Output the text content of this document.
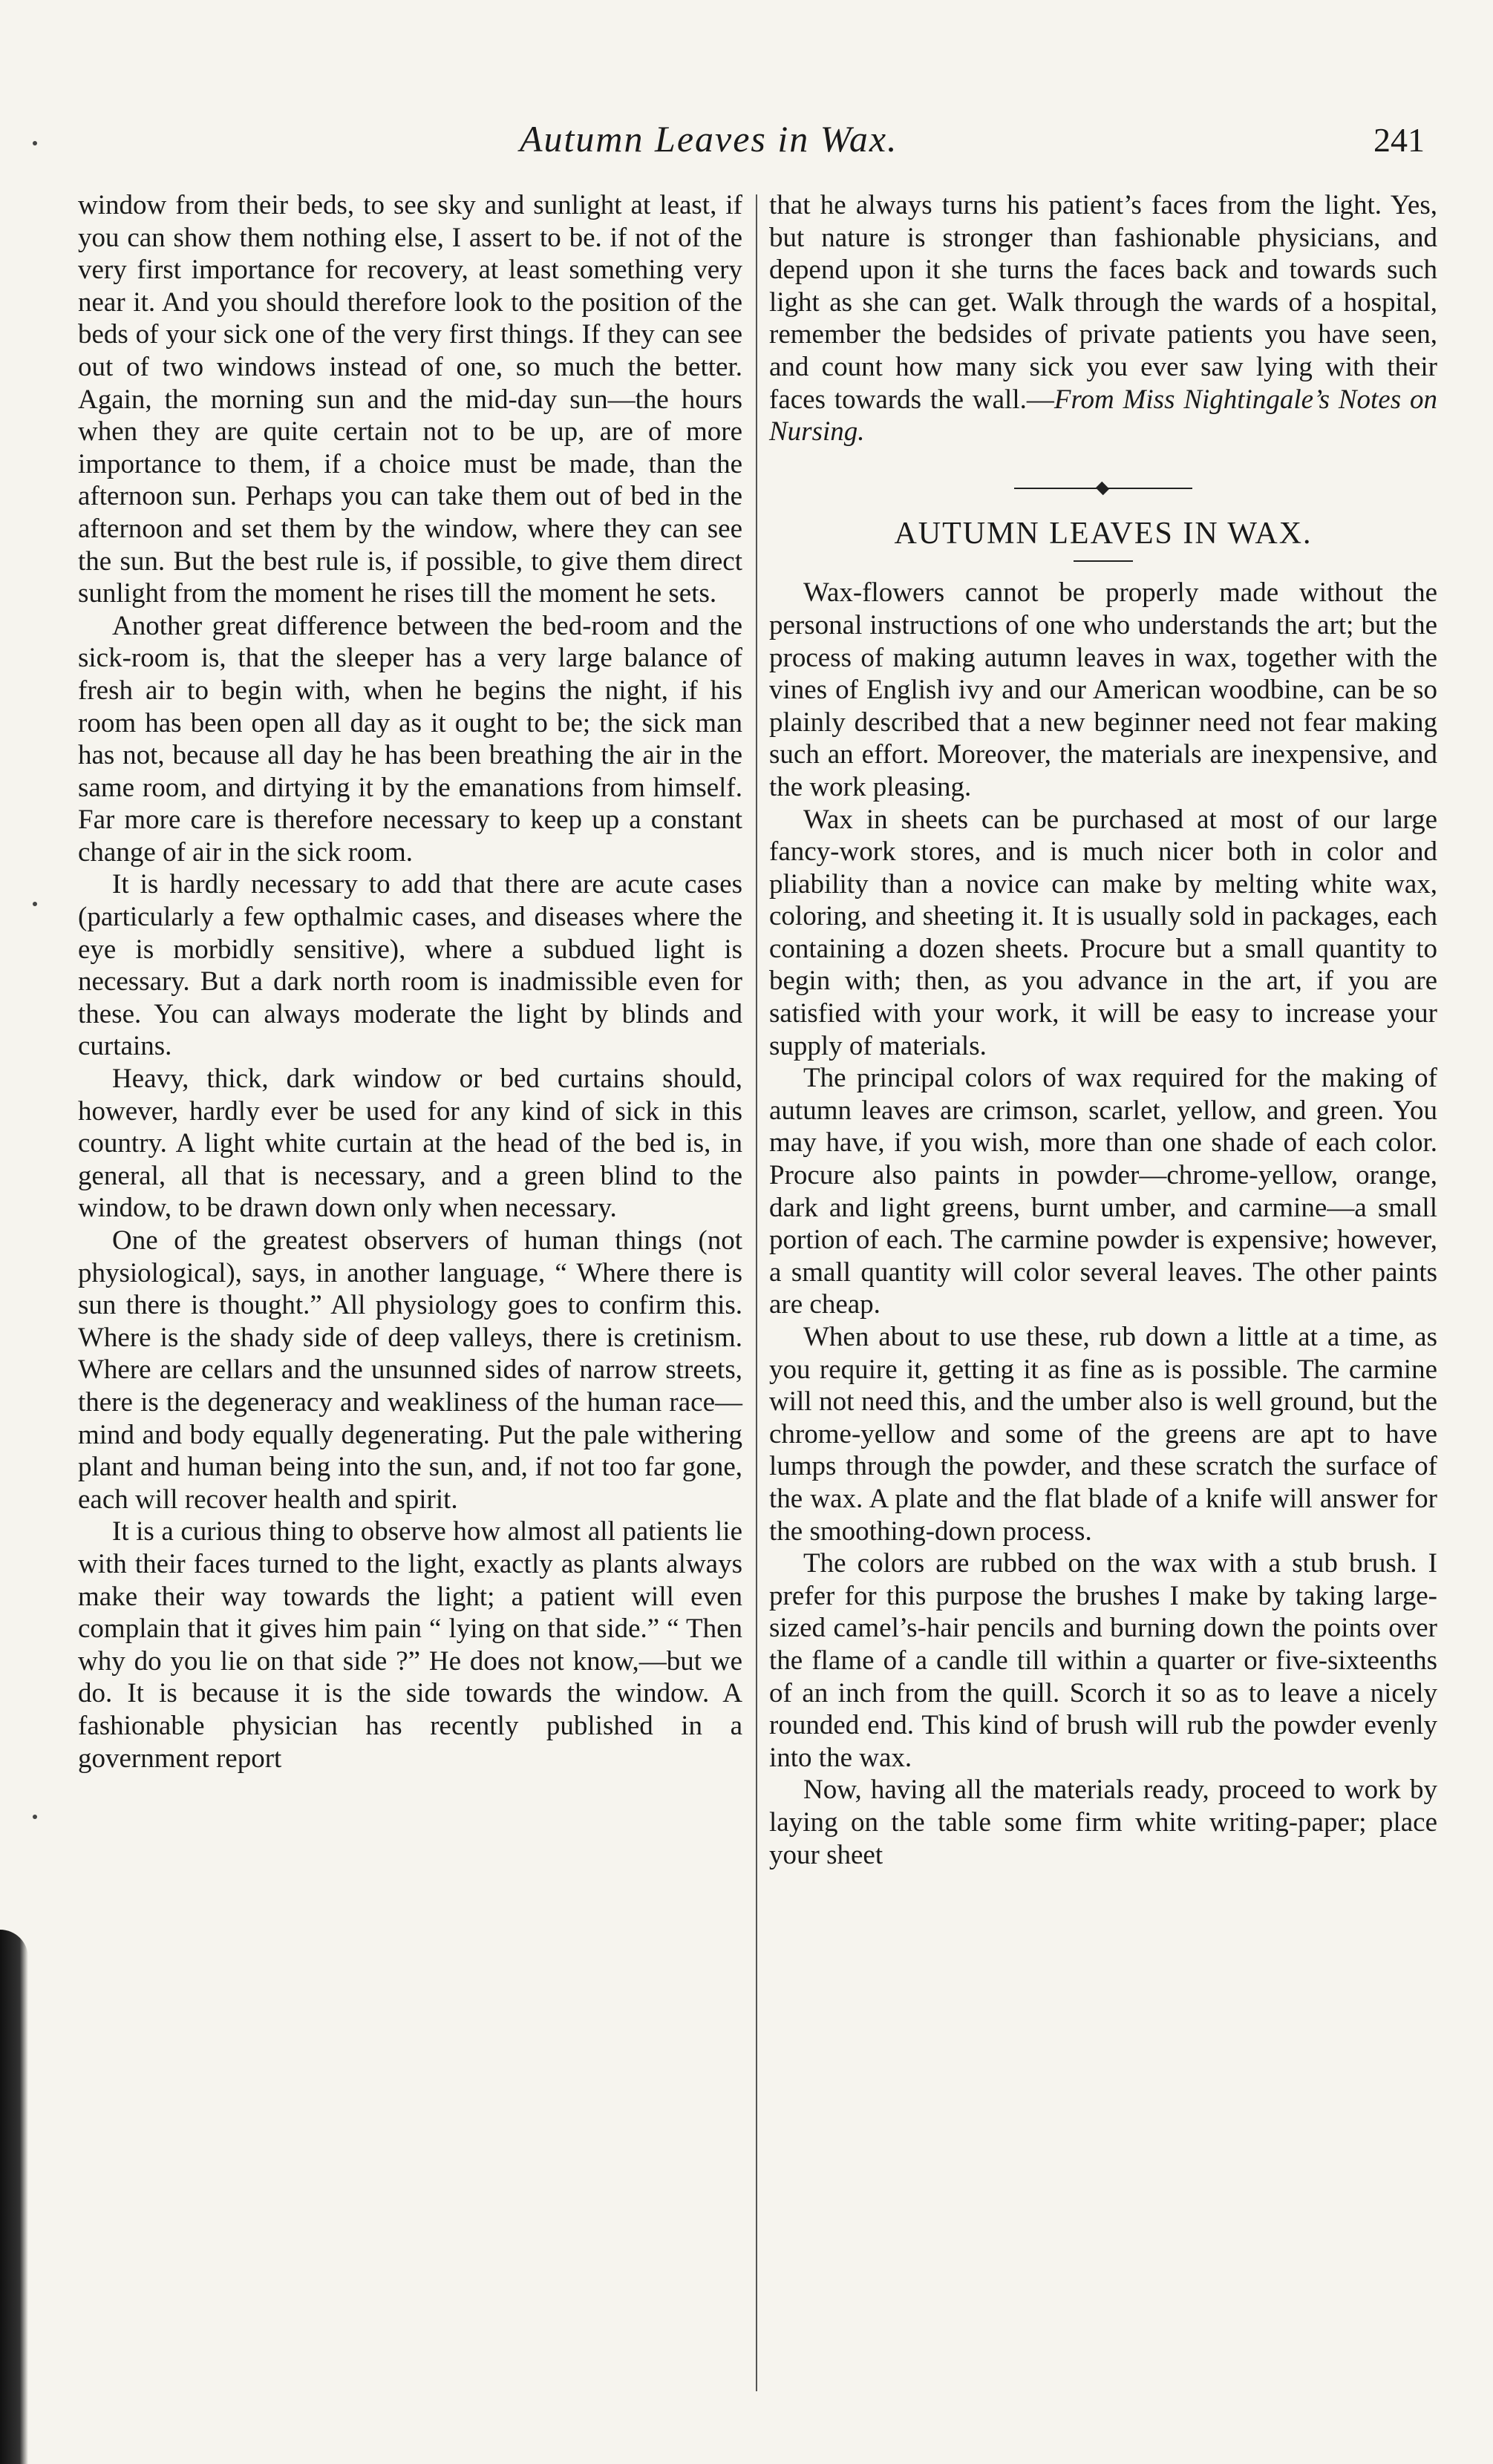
Autumn Leaves in Wax.	241

window from their beds, to see sky and sunlight at least, if you can show them nothing else, I assert to be. if not of the very first importance for recovery, at least something very near it. And you should therefore look to the position of the beds of your sick one of the very first things. If they can see out of two windows instead of one, so much the better. Again, the morning sun and the mid-day sun—the hours when they are quite certain not to be up, are of more importance to them, if a choice must be made, than the afternoon sun. Perhaps you can take them out of bed in the afternoon and set them by the window, where they can see the sun. But the best rule is, if possible, to give them direct sunlight from the moment he rises till the moment he sets.

Another great difference between the bed-room and the sick-room is, that the sleeper has a very large balance of fresh air to begin with, when he begins the night, if his room has been open all day as it ought to be; the sick man has not, because all day he has been breathing the air in the same room, and dirtying it by the emanations from himself. Far more care is therefore necessary to keep up a constant change of air in the sick room.

It is hardly necessary to add that there are acute cases (particularly a few opthalmic cases, and diseases where the eye is morbidly sensitive), where a subdued light is necessary. But a dark north room is inadmissible even for these. You can always moderate the light by blinds and curtains.

Heavy, thick, dark window or bed curtains should, however, hardly ever be used for any kind of sick in this country. A light white curtain at the head of the bed is, in general, all that is necessary, and a green blind to the window, to be drawn down only when necessary.

One of the greatest observers of human things (not physiological), says, in another language, “ Where there is sun there is thought.” All physiology goes to confirm this. Where is the shady side of deep valleys, there is cretinism. Where are cellars and the unsunned sides of narrow streets, there is the degeneracy and weakliness of the human race—mind and body equally degenerating. Put the pale withering plant and human being into the sun, and, if not too far gone, each will recover health and spirit.

It is a curious thing to observe how almost all patients lie with their faces turned to the light, exactly as plants always make their way towards the light; a patient will even complain that it gives him pain “ lying on that side.” “ Then why do you lie on that side ?” He does not know,—but we do. It is because it is the side towards the window. A fashionable physician has recently published in a government report

that he always turns his patient’s faces from the light. Yes, but nature is stronger than fashionable physicians, and depend upon it she turns the faces back and towards such light as she can get. Walk through the wards of a hospital, remember the bedsides of private patients you have seen, and count how many sick you ever saw lying with their faces towards the wall.—From Miss Nightingale’s Notes on Nursing.

AUTUMN LEAVES IN WAX.

Wax-flowers cannot be properly made without the personal instructions of one who understands the art; but the process of making autumn leaves in wax, together with the vines of English ivy and our American woodbine, can be so plainly described that a new beginner need not fear making such an effort. Moreover, the materials are inexpensive, and the work pleasing.

Wax in sheets can be purchased at most of our large fancy-work stores, and is much nicer both in color and pliability than a novice can make by melting white wax, coloring, and sheeting it. It is usually sold in packages, each containing a dozen sheets. Procure but a small quantity to begin with; then, as you advance in the art, if you are satisfied with your work, it will be easy to increase your supply of materials.

The principal colors of wax required for the making of autumn leaves are crimson, scarlet, yellow, and green. You may have, if you wish, more than one shade of each color. Procure also paints in powder—chrome-yellow, orange, dark and light greens, burnt umber, and carmine—a small portion of each. The carmine powder is expensive; however, a small quantity will color several leaves. The other paints are cheap.

When about to use these, rub down a little at a time, as you require it, getting it as fine as is possible. The carmine will not need this, and the umber also is well ground, but the chrome-yellow and some of the greens are apt to have lumps through the powder, and these scratch the surface of the wax. A plate and the flat blade of a knife will answer for the smoothing-down process.

The colors are rubbed on the wax with a stub brush. I prefer for this purpose the brushes I make by taking large-sized camel’s-hair pencils and burning down the points over the flame of a candle till within a quarter or five-sixteenths of an inch from the quill. Scorch it so as to leave a nicely rounded end. This kind of brush will rub the powder evenly into the wax.

Now, having all the materials ready, proceed to work by laying on the table some firm white writing-paper; place your sheet
